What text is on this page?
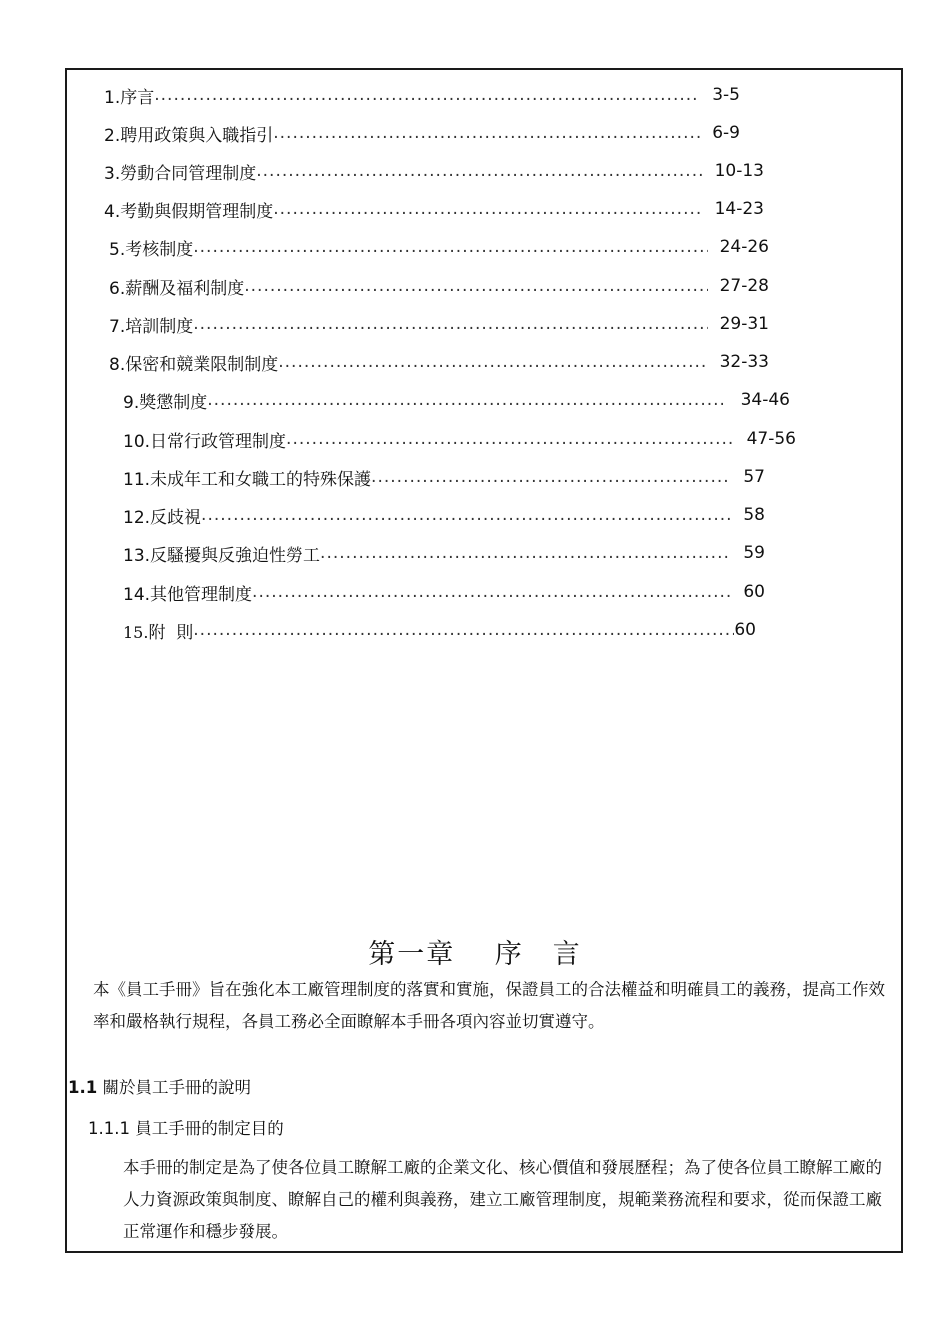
1.序言 .....	3-5
2.聘用政策與入職指引 .....	6-9
3.勞動合同管理制度 .....	10-13
4.考勤與假期管理制度 .....	14-23
5.考核制度 .....	24-26
6.薪酬及福利制度 .....	27-28
7.培訓制度 .....	29-31
8.保密和競業限制制度 .....	32-33
9.獎懲制度 .....	34-46
10.日常行政管理制度 .....	47-56
11.未成年工和女職工的特殊保護 .....	57
12.反歧視 .....	58
13.反騷擾與反強迫性勞工 .....	59
14.其他管理制度 .....	60
15.附  則 .....	60
第一章　 序　言
本《員工手冊》旨在強化本工廠管理制度的落實和實施，保證員工的合法權益和明確員工的義務，提高工作效率和嚴格執行規程，各員工務必全面瞭解本手冊各項內容並切實遵守。
1.1 關於員工手冊的說明
1.1.1 員工手冊的制定目的
本手冊的制定是為了使各位員工瞭解工廠的企業文化、核心價值和發展歷程；為了使各位員工瞭解工廠的人力資源政策與制度、瞭解自己的權利與義務，建立工廠管理制度，規範業務流程和要求，從而保證工廠正常運作和穩步發展。
